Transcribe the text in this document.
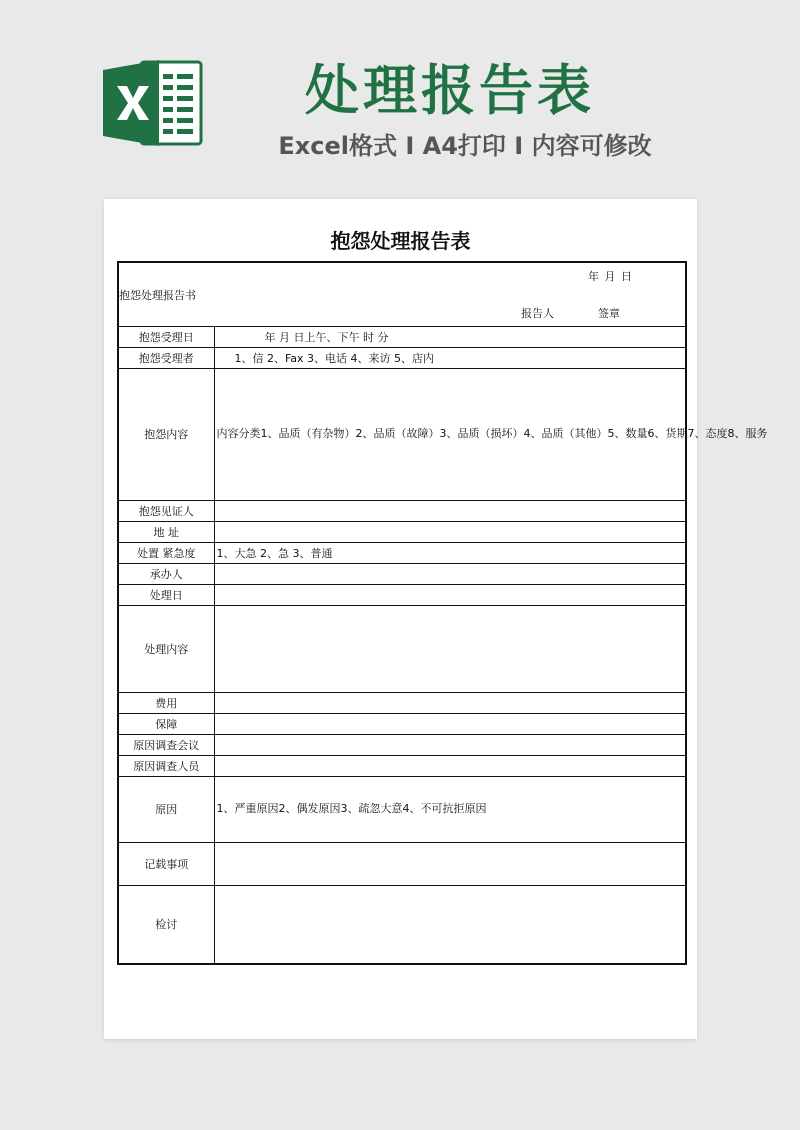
处理报告表
Excel格式 I A4打印 I 内容可修改
抱怨处理报告表
年 月 日
抱怨处理报告书
报告人 签章	

抱怨受理日	年 月 日上午、下午 时 分
抱怨受理者	1、信 2、Fax 3、电话 4、来访 5、店内
抱怨内容	内容分类1、品质（有杂物）2、品质（故障）3、品质（损坏）4、品质（其他）5、数量6、货期7、态度8、服务
抱怨见证人	
地 址	
处置 紧急度	1、大急 2、急 3、普通
承办人	
处理日	
处理内容	
费用	
保障	
原因调查会议	
原因调查人员	
原因	1、严重原因2、偶发原因3、疏忽大意4、不可抗拒原因
记载事项	
检讨	
